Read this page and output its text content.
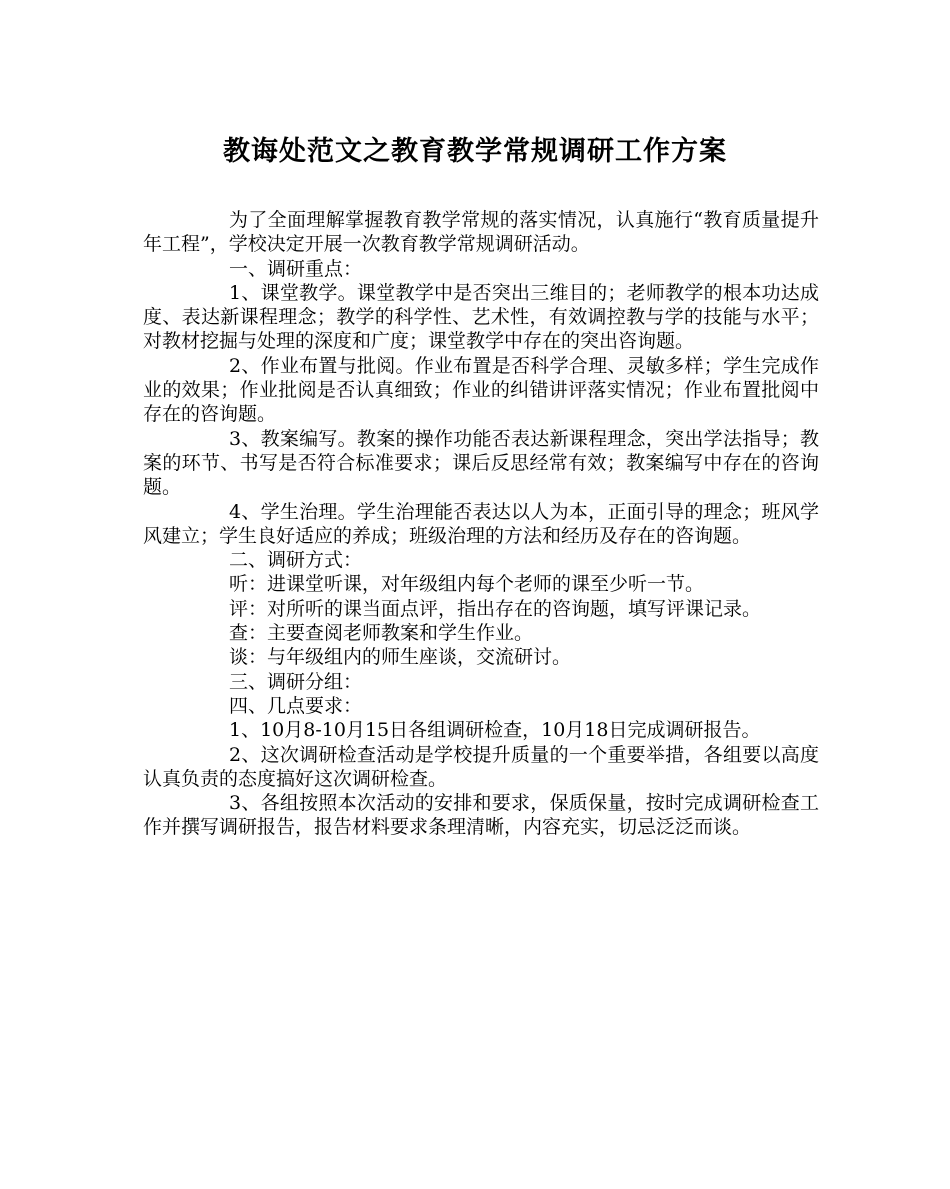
教诲处范文之教育教学常规调研工作方案

为了全面理解掌握教育教学常规的落实情况，认真施行“教育质量提升年工程”，学校决定开展一次教育教学常规调研活动。

一、调研重点：

1、课堂教学。课堂教学中是否突出三维目的；老师教学的根本功达成度、表达新课程理念；教学的科学性、艺术性，有效调控教与学的技能与水平；对教材挖掘与处理的深度和广度；课堂教学中存在的突出咨询题。

2、作业布置与批阅。作业布置是否科学合理、灵敏多样；学生完成作业的效果；作业批阅是否认真细致；作业的纠错讲评落实情况；作业布置批阅中存在的咨询题。

3、教案编写。教案的操作功能否表达新课程理念，突出学法指导；教案的环节、书写是否符合标准要求；课后反思经常有效；教案编写中存在的咨询题。

4、学生治理。学生治理能否表达以人为本，正面引导的理念；班风学风建立；学生良好适应的养成；班级治理的方法和经历及存在的咨询题。

二、调研方式：

听：进课堂听课，对年级组内每个老师的课至少听一节。

评：对所听的课当面点评，指出存在的咨询题，填写评课记录。

查：主要查阅老师教案和学生作业。

谈：与年级组内的师生座谈，交流研讨。

三、调研分组：

四、几点要求：

1、10月8-10月15日各组调研检查，10月18日完成调研报告。

2、这次调研检查活动是学校提升质量的一个重要举措，各组要以高度认真负责的态度搞好这次调研检查。

3、各组按照本次活动的安排和要求，保质保量，按时完成调研检查工作并撰写调研报告，报告材料要求条理清晰，内容充实，切忌泛泛而谈。
